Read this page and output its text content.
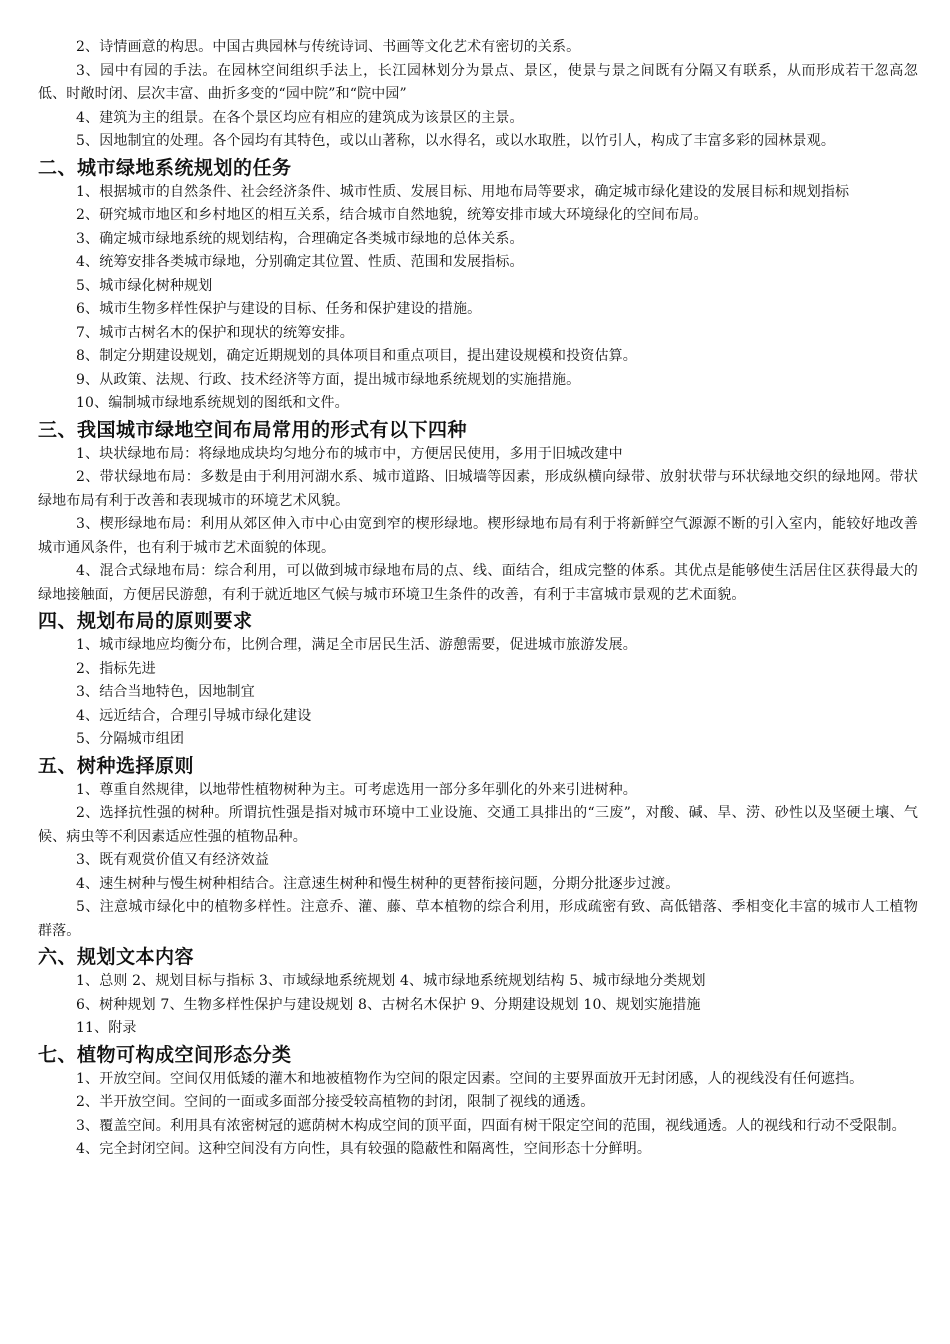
2、诗情画意的构思。中国古典园林与传统诗词、书画等文化艺术有密切的关系。

3、园中有园的手法。在园林空间组织手法上，长江园林划分为景点、景区，使景与景之间既有分隔又有联系，从而形成若干忽高忽低、时敞时闭、层次丰富、曲折多变的“园中院”和“院中园”

4、建筑为主的组景。在各个景区均应有相应的建筑成为该景区的主景。

5、因地制宜的处理。各个园均有其特色，或以山著称，以水得名，或以水取胜，以竹引人，构成了丰富多彩的园林景观。

二、城市绿地系统规划的任务

1、根据城市的自然条件、社会经济条件、城市性质、发展目标、用地布局等要求，确定城市绿化建设的发展目标和规划指标

2、研究城市地区和乡村地区的相互关系，结合城市自然地貌，统筹安排市域大环境绿化的空间布局。

3、确定城市绿地系统的规划结构，合理确定各类城市绿地的总体关系。

4、统筹安排各类城市绿地，分别确定其位置、性质、范围和发展指标。

5、城市绿化树种规划

6、城市生物多样性保护与建设的目标、任务和保护建设的措施。

7、城市古树名木的保护和现状的统筹安排。

8、制定分期建设规划，确定近期规划的具体项目和重点项目，提出建设规模和投资估算。

9、从政策、法规、行政、技术经济等方面，提出城市绿地系统规划的实施措施。

10、编制城市绿地系统规划的图纸和文件。

三、我国城市绿地空间布局常用的形式有以下四种

1、块状绿地布局：将绿地成块均匀地分布的城市中，方便居民使用，多用于旧城改建中

2、带状绿地布局：多数是由于利用河湖水系、城市道路、旧城墙等因素，形成纵横向绿带、放射状带与环状绿地交织的绿地网。带状绿地布局有利于改善和表现城市的环境艺术风貌。

3、楔形绿地布局：利用从郊区伸入市中心由宽到窄的楔形绿地。楔形绿地布局有利于将新鲜空气源源不断的引入室内，能较好地改善城市通风条件，也有利于城市艺术面貌的体现。

4、混合式绿地布局：综合利用，可以做到城市绿地布局的点、线、面结合，组成完整的体系。其优点是能够使生活居住区获得最大的绿地接触面，方便居民游憩，有利于就近地区气候与城市环境卫生条件的改善，有利于丰富城市景观的艺术面貌。

四、规划布局的原则要求

1、城市绿地应均衡分布，比例合理，满足全市居民生活、游憩需要，促进城市旅游发展。

2、指标先进

3、结合当地特色，因地制宜

4、远近结合，合理引导城市绿化建设

5、分隔城市组团

五、树种选择原则

1、尊重自然规律，以地带性植物树种为主。可考虑选用一部分多年驯化的外来引进树种。

2、选择抗性强的树种。所谓抗性强是指对城市环境中工业设施、交通工具排出的“三废”，对酸、碱、旱、涝、砂性以及坚硬土壤、气候、病虫等不利因素适应性强的植物品种。

3、既有观赏价值又有经济效益

4、速生树种与慢生树种相结合。注意速生树种和慢生树种的更替衔接问题，分期分批逐步过渡。

5、注意城市绿化中的植物多样性。注意乔、灌、藤、草本植物的综合利用，形成疏密有致、高低错落、季相变化丰富的城市人工植物群落。

六、规划文本内容

1、总则 2、规划目标与指标 3、市域绿地系统规划 4、城市绿地系统规划结构 5、城市绿地分类规划

6、树种规划 7、生物多样性保护与建设规划 8、古树名木保护 9、分期建设规划 10、规划实施措施

11、附录

七、植物可构成空间形态分类

1、开放空间。空间仅用低矮的灌木和地被植物作为空间的限定因素。空间的主要界面放开无封闭感，人的视线没有任何遮挡。

2、半开放空间。空间的一面或多面部分接受较高植物的封闭，限制了视线的通透。

3、覆盖空间。利用具有浓密树冠的遮荫树木构成空间的顶平面，四面有树干限定空间的范围，视线通透。人的视线和行动不受限制。

4、完全封闭空间。这种空间没有方向性，具有较强的隐蔽性和隔离性，空间形态十分鲜明。
